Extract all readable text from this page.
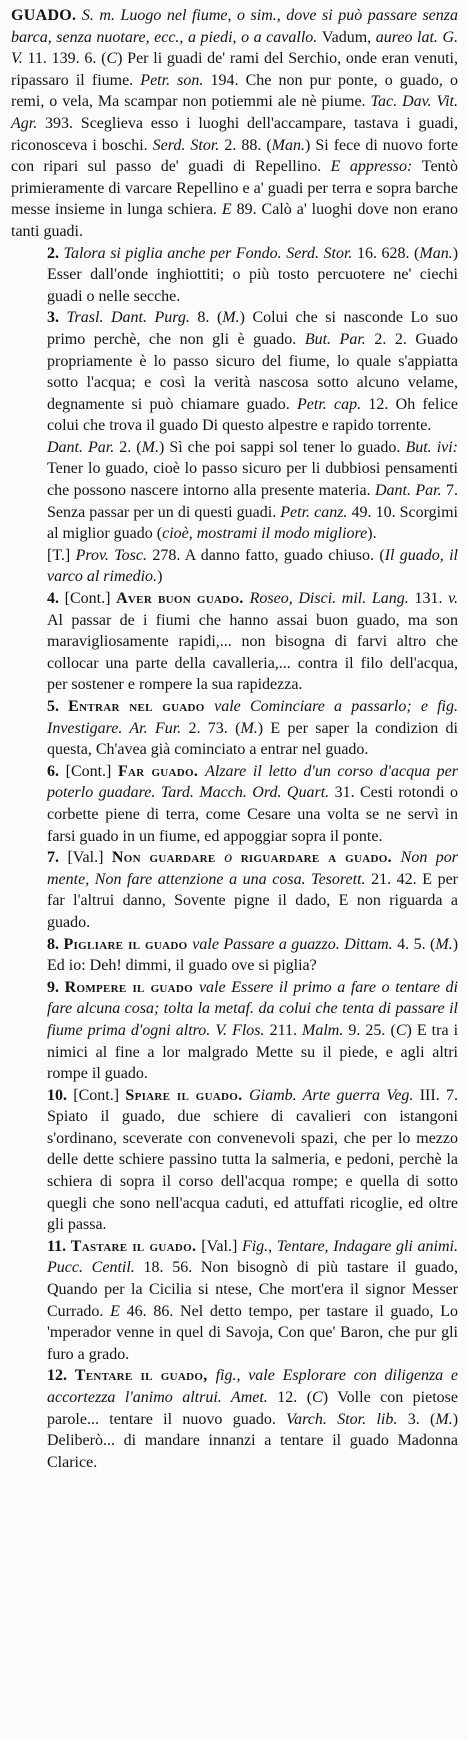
GUADO. S. m. Luogo nel fiume, o sim., dove si può passare senza barca, senza nuotare, ecc., a piedi, o a cavallo. Vadum, aureo lat. G. V. 11. 139. 6. (C) Per li guadi de' rami del Serchio, onde eran venuti, ripassaro il fiume. Petr. son. 194. Che non pur ponte, o guado, o remi, o vela, Ma scampar non potiemmi ale nè piume. Tac. Dav. Vit. Agr. 393. Sceglieva esso i luoghi dell'accampare, tastava i guadi, riconosceva i boschi. Serd. Stor. 2. 88. (Man.) Si fece di nuovo forte con ripari sul passo de' guadi di Repellino. E appresso: Tentò primieramente di varcare Repellino e a' guadi per terra e sopra barche messe insieme in lunga schiera. E 89. Calò a' luoghi dove non erano tanti guadi.

2. Talora si piglia anche per Fondo. Serd. Stor. 16. 628. (Man.) Esser dall'onde inghiottiti; o più tosto percuotere ne' ciechi guadi o nelle secche.

3. Trasl. Dant. Purg. 8. (M.) Colui che si nasconde Lo suo primo perchè, che non gli è guado. But. Par. 2. 2. Guado propriamente è lo passo sicuro del fiume, lo quale s'appiatta sotto l'acqua; e così la verità nascosa sotto alcuno velame, degnamente si può chiamare guado. Petr. cap. 12. Oh felice colui che trova il guado Di questo alpestre e rapido torrente.

Dant. Par. 2. (M.) Sì che poi sappi sol tener lo guado. But. ivi: Tener lo guado, cioè lo passo sicuro per li dubbiosi pensamenti che possono nascere intorno alla presente materia. Dant. Par. 7. Senza passar per un di questi guadi. Petr. canz. 49. 10. Scorgimi al miglior guado (cioè, mostrami il modo migliore).

[T.] Prov. Tosc. 278. A danno fatto, guado chiuso. (Il guado, il varco al rimedio.)

4. [Cont.] Aver buon guado. Roseo, Disci. mil. Lang. 131. v. Al passar de i fiumi che hanno assai buon guado, ma son maravigliosamente rapidi,... non bisogna di farvi altro che collocar una parte della cavalleria,... contra il filo dell'acqua, per sostener e rompere la sua rapidezza.

5. Entrar nel guado vale Cominciare a passarlo; e fig. Investigare. Ar. Fur. 2. 73. (M.) E per saper la condizion di questa, Ch'avea già cominciato a entrar nel guado.

6. [Cont.] Far guado. Alzare il letto d'un corso d'acqua per poterlo guadare. Tard. Macch. Ord. Quart. 31. Cesti rotondi o corbette piene di terra, come Cesare una volta se ne servì in farsi guado in un fiume, ed appoggiar sopra il ponte.

7. [Val.] Non guardare o riguardare a guado. Non por mente, Non fare attenzione a una cosa. Tesorett. 21. 42. E per far l'altrui danno, Sovente pigne il dado, E non riguarda a guado.

8. Pigliare il guado vale Passare a guazzo. Dittam. 4. 5. (M.) Ed io: Deh! dimmi, il guado ove si piglia?

9. Rompere il guado vale Essere il primo a fare o tentare di fare alcuna cosa; tolta la metaf. da colui che tenta di passare il fiume prima d'ogni altro. V. Flos. 211. Malm. 9. 25. (C) E tra i nimici al fine a lor malgrado Mette su il piede, e agli altri rompe il guado.

10. [Cont.] Spiare il guado. Giamb. Arte guerra Veg. III. 7. Spiato il guado, due schiere di cavalieri con istangoni s'ordinano, sceverate con convenevoli spazi, che per lo mezzo delle dette schiere passino tutta la salmeria, e pedoni, perchè la schiera di sopra il corso dell'acqua rompe; e quella di sotto quegli che sono nell'acqua caduti, ed attuffati ricoglie, ed oltre gli passa.

11. Tastare il guado. [Val.] Fig., Tentare, Indagare gli animi. Pucc. Centil. 18. 56. Non bisognò di più tastare il guado, Quando per la Cicilia si ntese, Che mort'era il signor Messer Currado. E 46. 86. Nel detto tempo, per tastare il guado, Lo 'mperador venne in quel di Savoja, Con que' Baron, che pur gli furo a grado.

12. Tentare il guado, fig., vale Esplorare con diligenza e accortezza l'animo altrui. Amet. 12. (C) Volle con pietose parole... tentare il nuovo guado. Varch. Stor. lib. 3. (M.) Deliberò... di mandare innanzi a tentare il guado Madonna Clarice.
